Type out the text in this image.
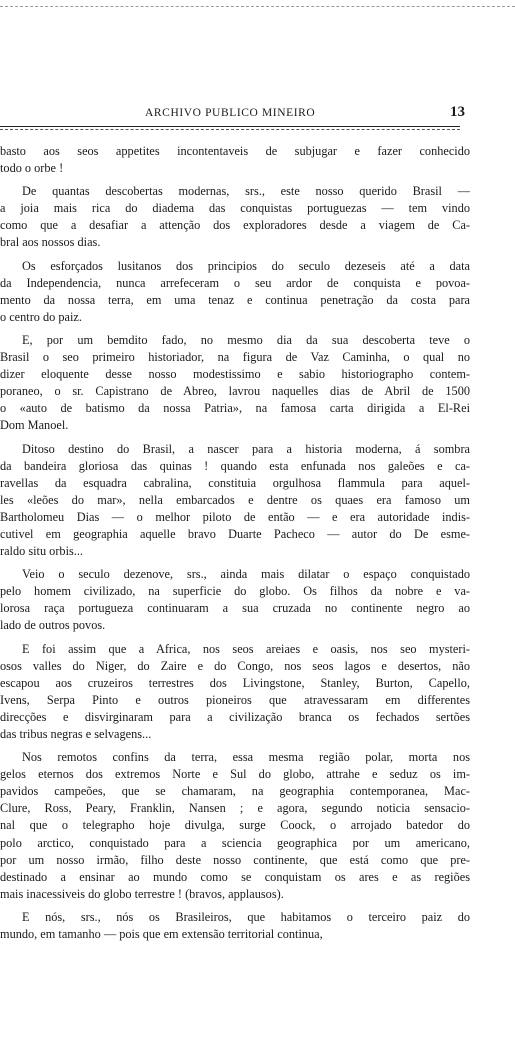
ARCHIVO PUBLICO MINEIRO	13
basto aos seos appetites incontentaveis de subjugar e fazer conhecido
todo o orbe !
De quantas descobertas modernas, srs., este nosso querido Brasil —
a joia mais rica do diadema das conquistas portuguezas — tem vindo
como que a desafiar a attenção dos exploradores desde a viagem de Ca-
bral aos nossos dias.
Os esforçados lusitanos dos principios do seculo dezeseis até a data
da Independencia, nunca arrefeceram o seu ardor de conquista e povoa-
mento da nossa terra, em uma tenaz e continua penetração da costa para
o centro do paiz.
E, por um bemdito fado, no mesmo dia da sua descoberta teve o
Brasil o seo primeiro historiador, na figura de Vaz Caminha, o qual no
dizer eloquente desse nosso modestissimo e sabio historiographo contem-
poraneo, o sr. Capistrano de Abreo, lavrou naquelles dias de Abril de 1500
o «auto de batismo da nossa Patria», na famosa carta dirigida a El-Rei
Dom Manoel.
Ditoso destino do Brasil, a nascer para a historia moderna, á sombra
da bandeira gloriosa das quinas ! quando esta enfunada nos galeões e ca-
ravellas da esquadra cabralina, constituia orgulhosa flammula para aquel-
les «leões do mar», nella embarcados e dentre os quaes era famoso um
Bartholomeu Dias — o melhor piloto de então — e era autoridade indis-
cutivel em geographia aquelle bravo Duarte Pacheco — autor do De esme-
raldo situ orbis...
Veio o seculo dezenove, srs., ainda mais dilatar o espaço conquistado
pelo homem civilizado, na superficie do globo. Os filhos da nobre e va-
lorosa raça portugueza continuaram a sua cruzada no continente negro ao
lado de outros povos.
E foi assim que a Africa, nos seos areiaes e oasis, nos seo mysteri-
osos valles do Niger, do Zaire e do Congo, nos seos lagos e desertos, não
escapou aos cruzeiros terrestres dos Livingstone, Stanley, Burton, Capello,
Ivens, Serpa Pinto e outros pioneiros que atravessaram em differentes
direcções e disvirginaram para a civilização branca os fechados sertões
das tribus negras e selvagens...
Nos remotos confins da terra, essa mesma região polar, morta nos
gelos eternos dos extremos Norte e Sul do globo, attrahe e seduz os im-
pavidos campeões, que se chamaram, na geographia contemporanea, Mac-
Clure, Ross, Peary, Franklin, Nansen ; e agora, segundo noticia sensacio-
nal que o telegrapho hoje divulga, surge Coock, o arrojado batedor do
polo arctico, conquistado para a sciencia geographica por um americano,
por um nosso irmão, filho deste nosso continente, que está como que pre-
destinado a ensinar ao mundo como se conquistam os ares e as regiões
mais inacessiveis do globo terrestre ! (bravos, applausos).
E nós, srs., nós os Brasileiros, que habitamos o terceiro paiz do
mundo, em tamanho — pois que em extensão territorial continua,
